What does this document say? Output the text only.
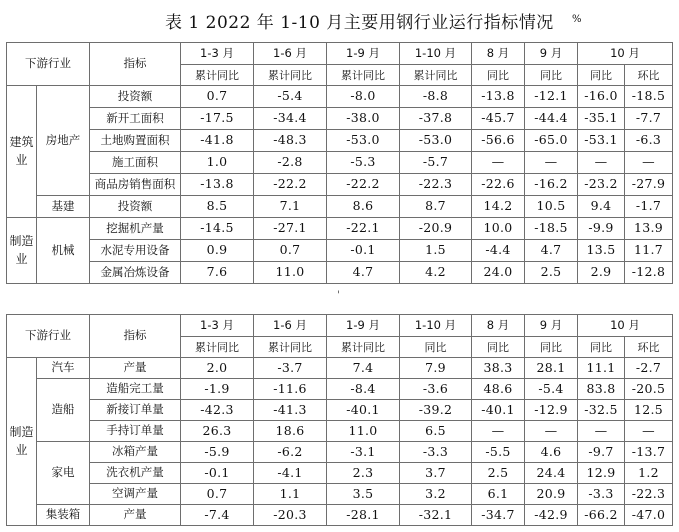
表 1 2022 年 1-10 月主要用钢行业运行指标情况 %
下游行业		指标	1-3 月	1-6 月	1-9 月	1-10 月	8 月	9 月	10 月	
			累计同比	累计同比	累计同比	累计同比	同比	同比	同比	环比
建筑业	房地产	投资额	0.7	-5.4	-8.0	-8.8	-13.8	-12.1	-16.0	-18.5
		新开工面积	-17.5	-34.4	-38.0	-37.8	-45.7	-44.4	-35.1	-7.7
		土地购置面积	-41.8	-48.3	-53.0	-53.0	-56.6	-65.0	-53.1	-6.3
		施工面积	1.0	-2.8	-5.3	-5.7	—	—	—	—
		商品房销售面积	-13.8	-22.2	-22.2	-22.3	-22.6	-16.2	-23.2	-27.9
	基建	投资额	8.5	7.1	8.6	8.7	14.2	10.5	9.4	-1.7
制造业	机械	挖掘机产量	-14.5	-27.1	-22.1	-20.9	10.0	-18.5	-9.9	13.9
		水泥专用设备	0.9	0.7	-0.1	1.5	-4.4	4.7	13.5	11.7
		金属冶炼设备	7.6	11.0	4.7	4.2	24.0	2.5	2.9	-12.8
'
下游行业		指标	1-3 月	1-6 月	1-9 月	1-10 月	8 月	9 月	10 月	
			累计同比	累计同比	累计同比	同比	同比	同比	同比	环比
制造业	汽车	产量	2.0	-3.7	7.4	7.9	38.3	28.1	11.1	-2.7
	造船	造船完工量	-1.9	-11.6	-8.4	-3.6	48.6	-5.4	83.8	-20.5
		新接订单量	-42.3	-41.3	-40.1	-39.2	-40.1	-12.9	-32.5	12.5
		手持订单量	26.3	18.6	11.0	6.5	—	—	—	—
	家电	冰箱产量	-5.9	-6.2	-3.1	-3.3	-5.5	4.6	-9.7	-13.7
		洗衣机产量	-0.1	-4.1	2.3	3.7	2.5	24.4	12.9	1.2
		空调产量	0.7	1.1	3.5	3.2	6.1	20.9	-3.3	-22.3
	集装箱	产量	-7.4	-20.3	-28.1	-32.1	-34.7	-42.9	-66.2	-47.0
